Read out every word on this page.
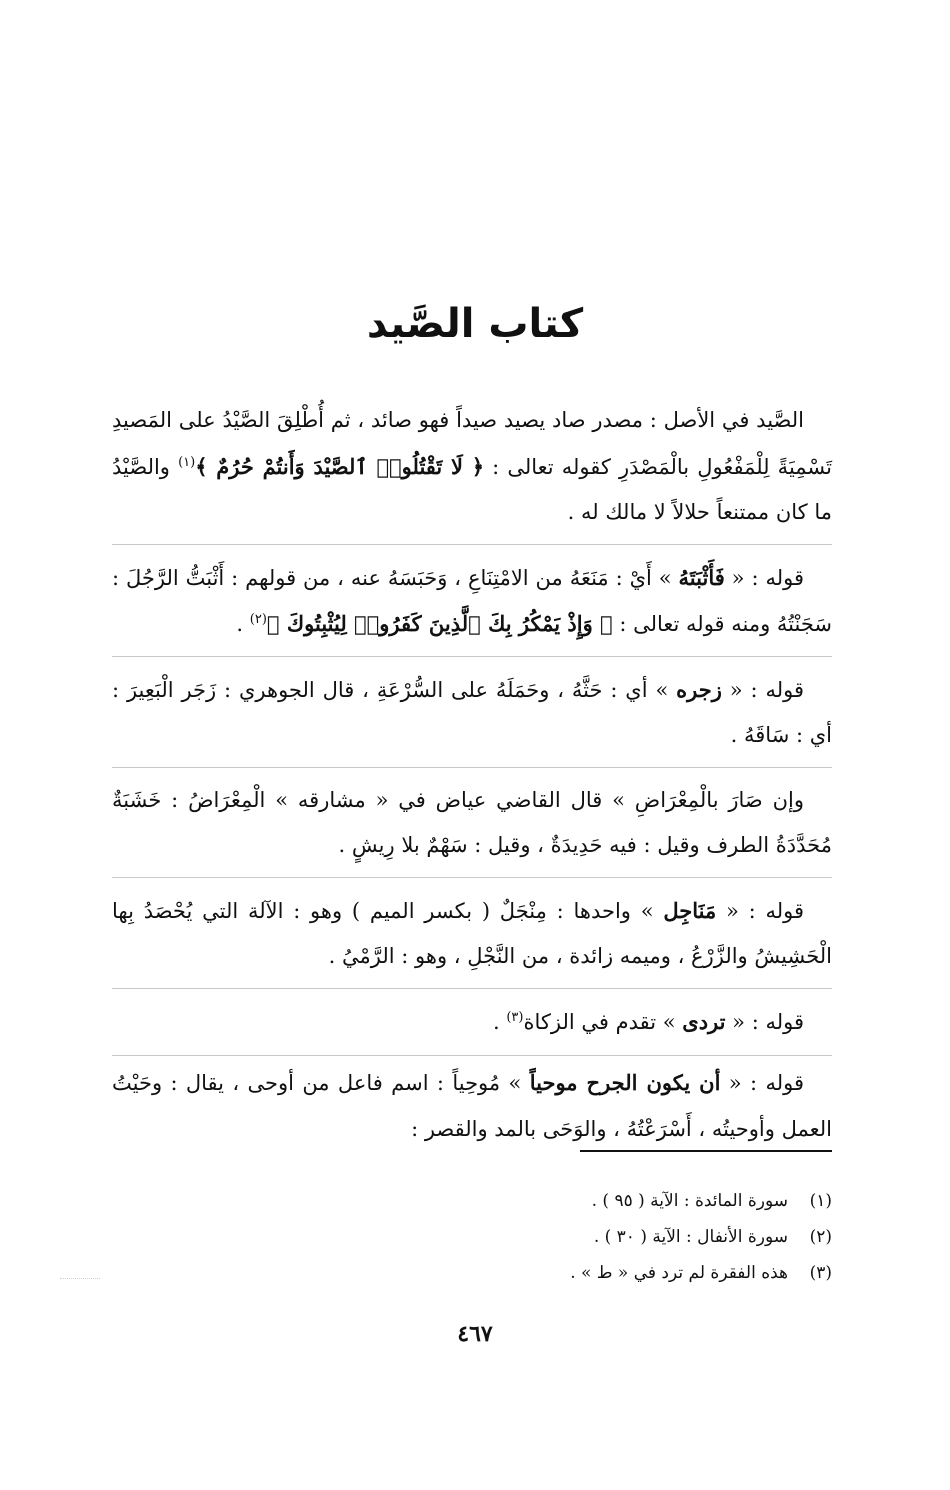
كتاب الصَّيد

الصَّيد في الأصل : مصدر صاد يصيد صيداً فهو صائد ، ثم أُطْلِقَ الصَّيْدُ على المَصيدِ تَسْمِيَةً لِلْمَفْعُولِ بالْمَصْدَرِ كقوله تعالى : ﴿ لَا تَقْتُلُوا۟ ٱلصَّيْدَ وَأَنتُمْ حُرُمٌ ﴾$^{(١)}$ والصَّيْدُ ما كان ممتنعاً حلالاً لا مالك له .

قوله : « فَأَثْبَتَهُ » أَيْ : مَنَعَهُ من الامْتِنَاعِ ، وَحَبَسَهُ عنه ، من قولهم : أَثْبَتُّ الرَّجُلَ : سَجَنْتُهُ ومنه قوله تعالى : ﴿ وَإِذْ يَمْكُرُ بِكَ ٱلَّذِينَ كَفَرُوا۟ لِيُثْبِتُوكَ ﴾$^{(٢)}$ .

قوله : « زجره » أي : حَثَّهُ ، وحَمَلَهُ على السُّرْعَةِ ، قال الجوهري : زَجَر الْبَعِيرَ : أي : سَاقَهُ .

وإن صَارَ بالْمِعْرَاضِ » قال القاضي عياض في « مشارقه » الْمِعْرَاضُ : خَشَبَةٌ مُحَدَّدَةُ الطرف وقيل : فيه حَدِيدَةٌ ، وقيل : سَهْمٌ بلا رِيشٍ .

قوله : « مَنَاجِل » واحدها : مِنْجَلٌ ( بكسر الميم ) وهو : الآلة التي يُحْصَدُ بِها الْحَشِيشُ والزَّرْعُ ، وميمه زائدة ، من النَّجْلِ ، وهو : الرَّمْيُ .

قوله : « تردى » تقدم في الزكاة$^{(٣)}$ .

قوله : « أن يكون الجرح موحياً » مُوحِياً : اسم فاعل من أوحى ، يقال : وحَيْتُ العمل وأوحيتُه ، أَسْرَعْتُهُ ، والوَحَى بالمد والقصر :

(١)
سورة المائدة : الآية ( ٩٥ ) .

(٢)
سورة الأنفال : الآية ( ٣٠ ) .

(٣)
هذه الفقرة لم ترد في « ط » .

٤٦٧
